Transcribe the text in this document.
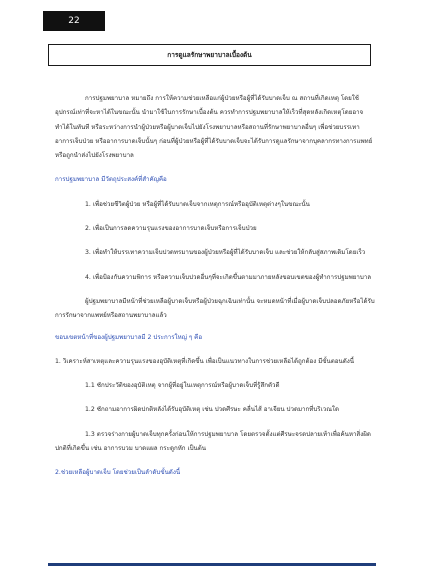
22
การดูแลรักษาพยาบาลเบื้องต้น

การปฐมพยาบาล หมายถึง การให้ความช่วยเหลือแก่ผู้ป่วยหรือผู้ที่ได้รับบาดเจ็บ ณ สถานที่เกิดเหตุ โดยใช้อุปกรณ์เท่าที่จะหาได้ในขณะนั้น นำมาใช้ในการรักษาเบื้องต้น ควรทำการปฐมพยาบาลให้เร็วที่สุดหลังเกิดเหตุโดยอาจทำได้ในทันที หรือระหว่างการนำผู้ป่วยหรือผู้บาดเจ็บไปยังโรงพยาบาลหรือสถานที่รักษาพยาบาลอื่นๆ เพื่อช่วยบรรเทาอาการเจ็บป่วย หรืออาการบาดเจ็บนั้นๆ ก่อนที่ผู้ป่วยหรือผู้ที่ได้รับบาดเจ็บจะได้รับการดูแลรักษาจากบุคลากรทางการแพทย์ หรือถูกนำส่งไปยังโรงพยาบาล

การปฐมพยาบาล มีวัตถุประสงค์ที่สำคัญคือ

1. เพื่อช่วยชีวิตผู้ป่วย หรือผู้ที่ได้รับบาดเจ็บจากเหตุการณ์หรืออุบัติเหตุต่างๆในขณะนั้น

2. เพื่อเป็นการลดความรุนแรงของอาการบาดเจ็บหรือการเจ็บป่วย

3. เพื่อทำให้บรรเทาความเจ็บปวดทรมานของผู้ป่วยหรือผู้ที่ได้รับบาดเจ็บ และช่วยให้กลับสู่สภาพเดิมโดยเร็ว

4. เพื่อป้องกันความพิการ หรือความเจ็บปวดอื่นๆที่จะเกิดขึ้นตามมาภายหลังขอบเขตของผู้ทำการปฐมพยาบาล

ผู้ปฐมพยาบาลมีหน้าที่ช่วยเหลือผู้บาดเจ็บหรือผู้ป่วยฉุกเฉินเท่านั้น จะหมดหน้าที่เมื่อผู้บาดเจ็บปลอดภัยหรือได้รับการรักษาจากแพทย์หรือสถานพยาบาลแล้ว

ขอบเขตหน้าที่ของผู้ปฐมพยาบาลมี 2 ประการใหญ่ ๆ คือ

1. วิเคราะห์สาเหตุและความรุนแรงของอุบัติเหตุที่เกิดขึ้น เพื่อเป็นแนวทางในการช่วยเหลือได้ถูกต้อง มีขั้นตอนดังนี้

1.1 ซักประวัติของอุบัติเหตุ จากผู้ที่อยู่ในเหตุการณ์หรือผู้บาดเจ็บที่รู้สึกตัวดี

1.2 ซักถามอาการผิดปกติหลังได้รับอุบัติเหตุ เช่น ปวดศีรษะ คลื่นไส้ อาเจียน ปวดมากที่บริเวณใด

1.3 ตรวจร่างกายผู้บาดเจ็บทุกครั้งก่อนให้การปฐมพยาบาล โดยตรวจตั้งแต่ศีรษะจรดปลายเท้าเพื่อค้นหาสิ่งผิดปกติที่เกิดขึ้น เช่น อาการบวม บาดแผล กระดูกหัก เป็นต้น

2.ช่วยเหลือผู้บาดเจ็บ โดยช่วยเป็นลำดับขั้นดังนี้
